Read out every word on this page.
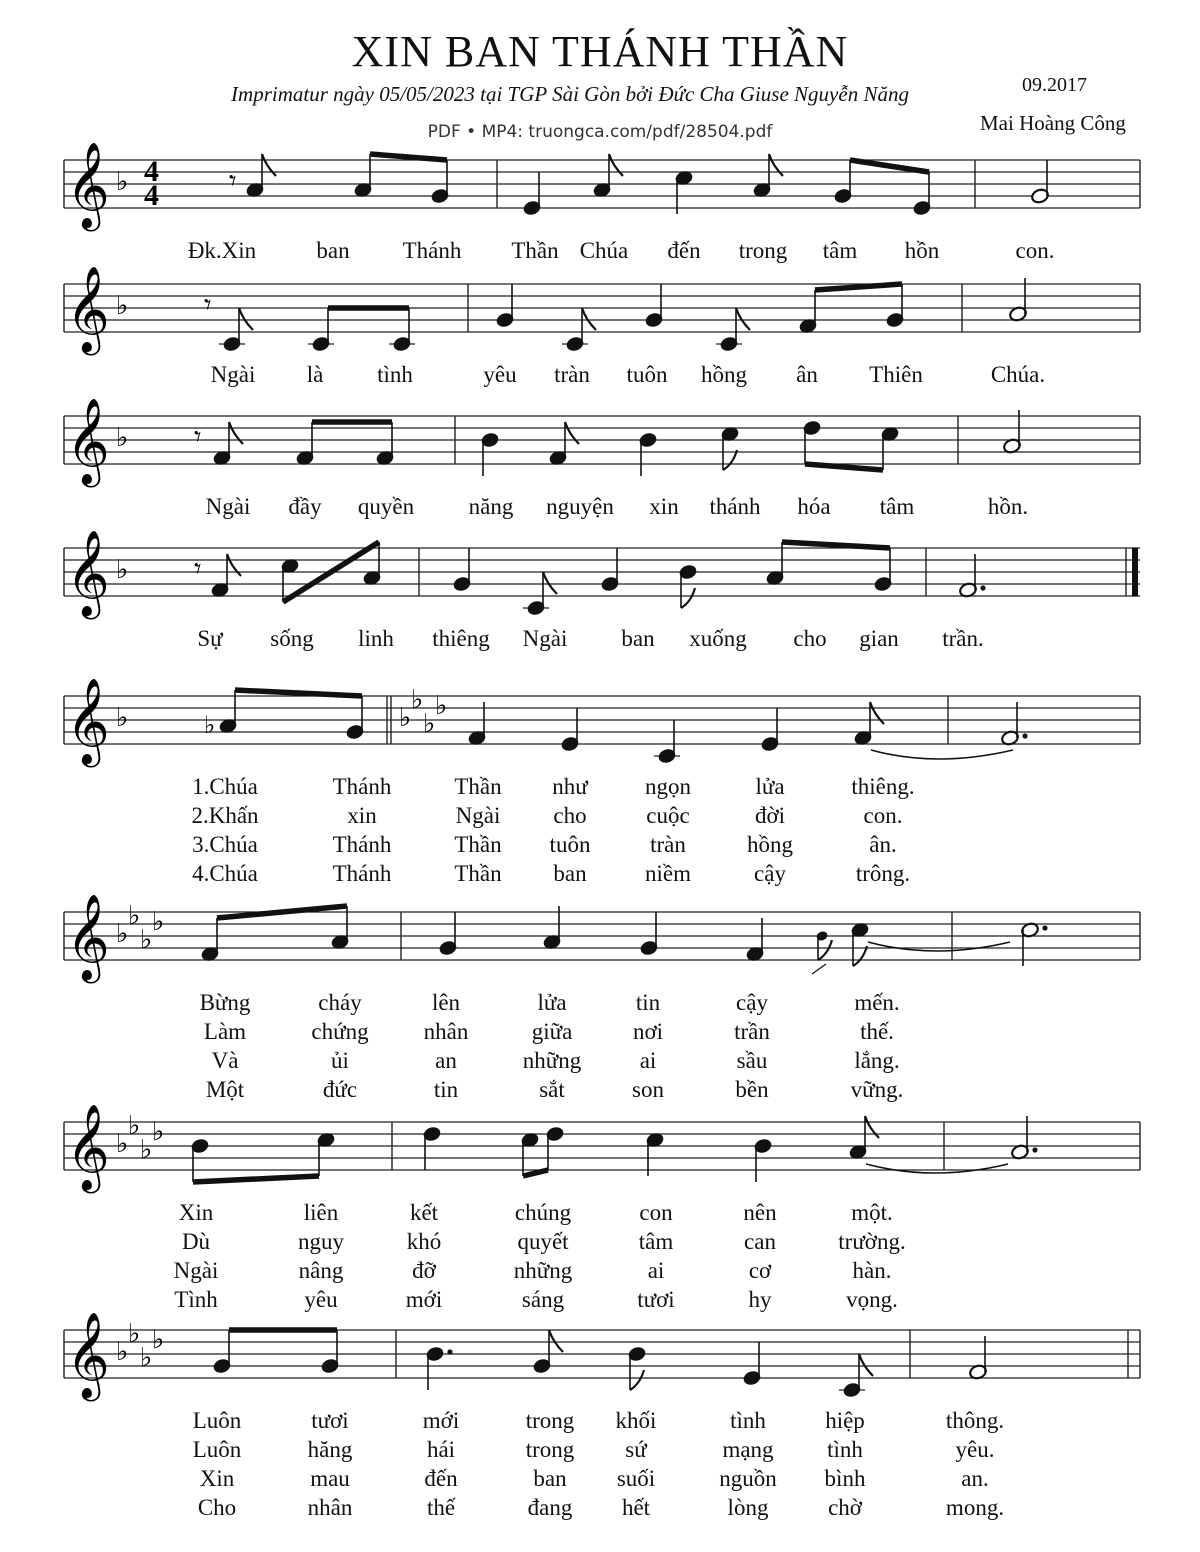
XIN BAN THÁNH THẦN
Imprimatur ngày 05/05/2023 tại TGP Sài Gòn bởi Đức Cha Giuse Nguyễn Năng
PDF • MP4: truongca.com/pdf/28504.pdf
09.2017
Mai Hoàng Công
𝄞 ♭ 4
4	𝄾
Đk.Xin	ban Thánh Thần Chúa đến trong tâm hồn	con.
𝄞 ♭	𝄾
Ngài là tình	yêu tràn tuôn hồng ân Thiên	Chúa.
𝄞 ♭ 𝄾
Ngài đầy quyền năng nguyện xin thánh hóa tâm	hồn.
𝄞 ♭ 𝄾
Sự sống linh thiêng Ngài ban xuống cho gian trần.
𝄞 ♭	♭
♭
♭
♭
♭
1.Chúa	Thánh	Thần như ngọn	lửa	thiêng.
2.Khấn	xin	Ngài cho	cuộc	đời	con.
3.Chúa	Thánh	Thần tuôn	tràn	hồng	ân.
4.Chúa	Thánh	Thần ban	niềm	cậy	trông.
𝄞 ♭
♭
♭
♭
Bừng	cháy	lên	lửa	tin	cậy	mến.
Làm	chứng nhân	giữa	nơi	trần	thế.
Và	ủi	an	những	ai	sầu	lắng.
Một	đức	tin	sắt	son	bền	vững.
𝄞 ♭
♭
♭
♭
Xin	liên	kết	chúng	con	nên	một.
Dù	nguy	khó	quyết	tâm	can	trường.
Ngài	nâng	đỡ	những	ai	cơ	hàn.
Tình	yêu	mới	sáng	tươi	hy	vọng.
𝄞 ♭
♭
♭
♭
Luôn	tươi	mới	trong khối	tình	hiệp	thông.
Luôn	hăng	hái	trong sứ	mạng tình	yêu.
Xin	mau	đến	ban suối	nguồn bình	an.
Cho	nhân	thế	đang hết	lòng	chờ	mong.
